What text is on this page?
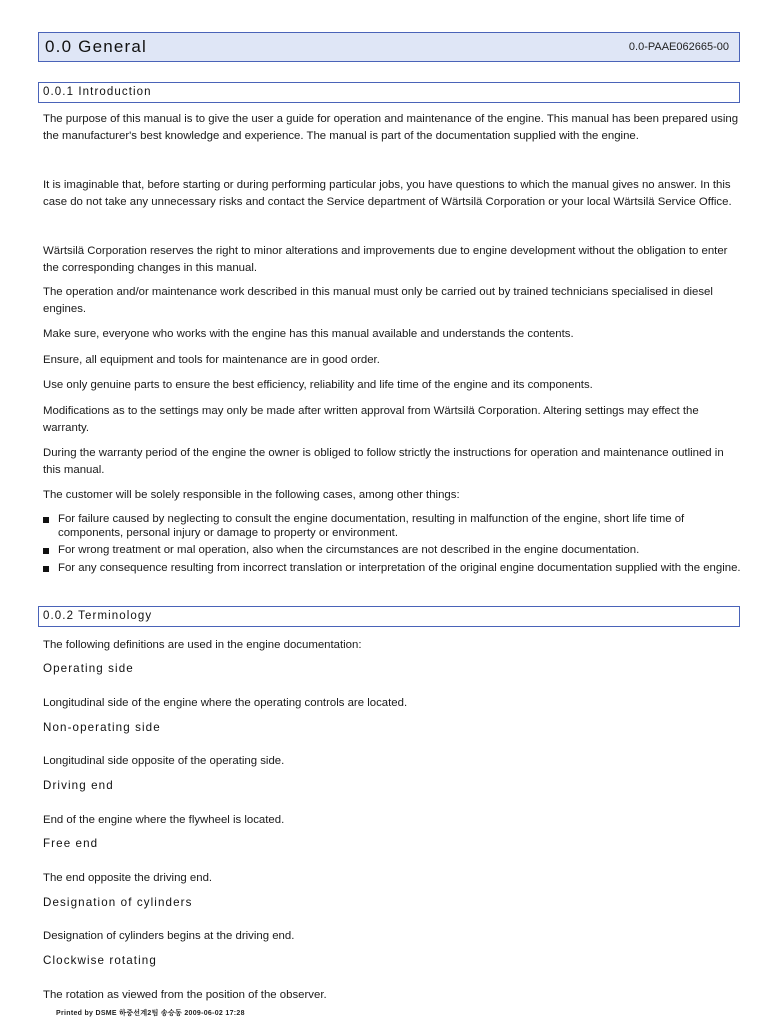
0.0 General	0.0-PAAE062665-00
0.0.1 Introduction

The purpose of this manual is to give the user a guide for operation and maintenance of the engine. This manual has been prepared using the manufacturer's best knowledge and experience. The manual is part of the documentation supplied with the engine.

It is imaginable that, before starting or during performing particular jobs, you have questions to which the manual gives no answer. In this case do not take any unnecessary risks and contact the Service department of Wärtsilä Corporation or your local Wärtsilä Service Office.

Wärtsilä Corporation reserves the right to minor alterations and improvements due to engine development without the obligation to enter the corresponding changes in this manual.

The operation and/or maintenance work described in this manual must only be carried out by trained technicians specialised in diesel engines.

Make sure, everyone who works with the engine has this manual available and understands the contents.

Ensure, all equipment and tools for maintenance are in good order.

Use only genuine parts to ensure the best efficiency, reliability and life time of the engine and its components.

Modifications as to the settings may only be made after written approval from Wärtsilä Corporation. Altering settings may effect the warranty.

During the warranty period of the engine the owner is obliged to follow strictly the instructions for operation and maintenance outlined in this manual.

The customer will be solely responsible in the following cases, among other things:

For failure caused by neglecting to consult the engine documentation, resulting in malfunction of the engine, short life time of components, personal injury or damage to property or environment.

For wrong treatment or mal operation, also when the circumstances are not described in the engine documentation.

For any consequence resulting from incorrect translation or interpretation of the original engine documentation supplied with the engine.

0.0.2 Terminology

The following definitions are used in the engine documentation:

Operating side

Longitudinal side of the engine where the operating controls are located.

Non-operating side

Longitudinal side opposite of the operating side.

Driving end

End of the engine where the flywheel is located.

Free end

The end opposite the driving end.

Designation of cylinders

Designation of cylinders begins at the driving end.

Clockwise rotating

The rotation as viewed from the position of the observer.

Printed by DSME 하중선계2팀 송승동 2009-06-02 17:28
